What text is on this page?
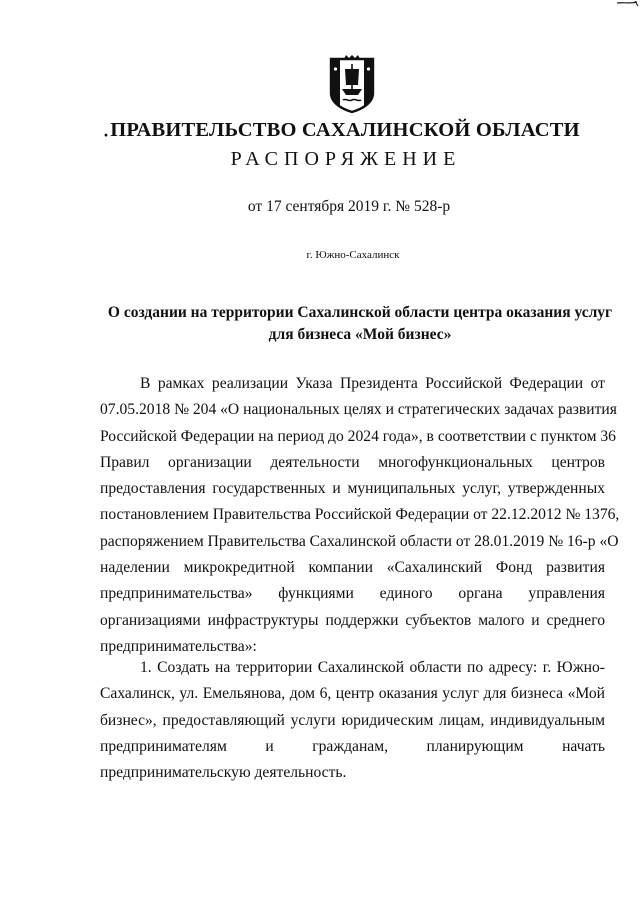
· ПРАВИТЕЛЬСТВО САХАЛИНСКОЙ ОБЛАСТИ
РАСПОРЯЖЕНИЕ
от 17 сентября 2019 г. № 528-р
г. Южно-Сахалинск
О создании на территории Сахалинской области центра оказания услуг
для бизнеса «Мой бизнес»
В рамках реализации Указа Президента Российской Федерации от
07.05.2018 № 204 «О национальных целях и стратегических задачах развития
Российской Федерации на период до 2024 года», в соответствии с пунктом 36
Правил организации деятельности многофункциональных центров
предоставления государственных и муниципальных услуг, утвержденных
постановлением Правительства Российской Федерации от 22.12.2012 № 1376,
распоряжением Правительства Сахалинской области от 28.01.2019 № 16-р «О
наделении микрокредитной компании «Сахалинский Фонд развития
предпринимательства» функциями единого органа управления
организациями инфраструктуры поддержки субъектов малого и среднего
предпринимательства»:
1. Создать на территории Сахалинской области по адресу: г. Южно-
Сахалинск, ул. Емельянова, дом 6, центр оказания услуг для бизнеса «Мой
бизнес», предоставляющий услуги юридическим лицам, индивидуальным
предпринимателям и гражданам, планирующим начать
предпринимательскую деятельность.
